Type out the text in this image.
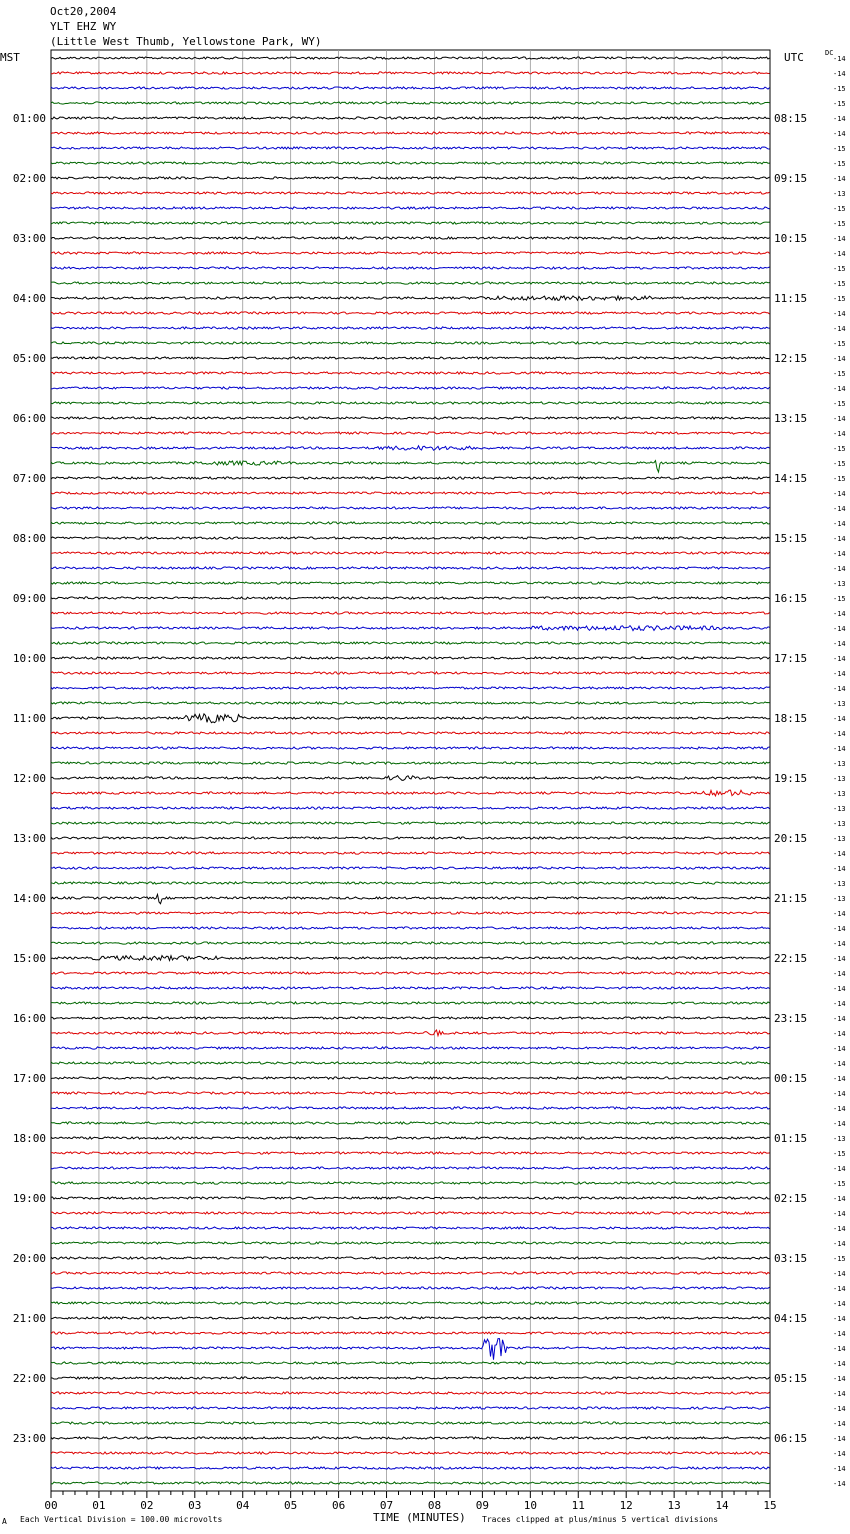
Oct20,2004
YLT EHZ WY
(Little West Thumb, Yellowstone Park, WY)
01:00
02:00
03:00
04:00
05:00
06:00
07:00
08:00
09:00
10:00
11:00
12:00
13:00
14:00
15:00
16:00
17:00
18:00
19:00
20:00
21:00
22:00
23:00
08:15
09:15
10:15
11:15
12:15
13:15
14:15
15:15
16:15
17:15
18:15
19:15
20:15
21:15
22:15
23:15
00:15
01:15
02:15
03:15
04:15
05:15
06:15
MST	UTC	DC
-14
-14
-15
-15
-14
-14
-15
-15
-14
-13
-15
-15
-14
-14
-15
-15
-15
-14
-14
-15
-14
-15
-14
-15
-14
-14
-15
-15
-15
-14
-14
-14
-14
-14
-14
-13
-15
-14
-14
-14
-14
-14
-14
-13
-14
-14
-14
-13
-13
-13
-13
-13
-13
-14
-14
-13
-13
-14
-14
-14
-14
-14
-14
-14
-14
-14
-14
-14
-14
-14
-14
-14
-13
-15
-14
-15
-14
-14
-14
-14
-15
-14
-14
-14
-14
-14
-14
-14
-14
-14
-14
-14
-14
-14
-14
-14
00	01	02	03	04	05	06	07	08	09	10	11	12	13	14	15
TIME (MINUTES)
A Each Vertical Division = 100.00 microvolts	Traces clipped at plus/minus 5 vertical divisions
